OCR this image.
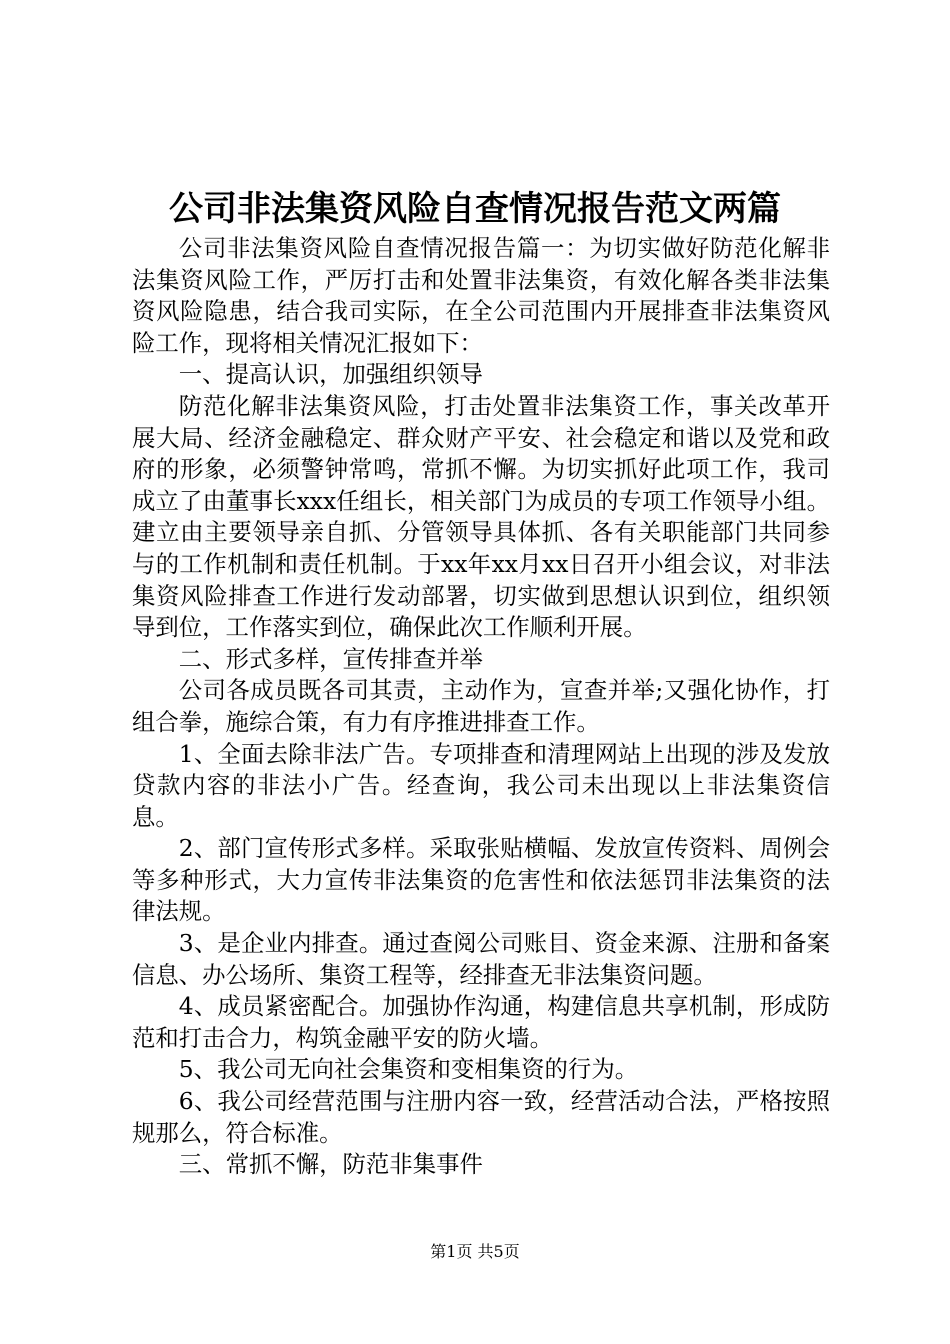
公司非法集资风险自查情况报告范文两篇

公司非法集资风险自查情况报告篇一：为切实做好防范化解非法集资风险工作，严厉打击和处置非法集资，有效化解各类非法集资风险隐患，结合我司实际，在全公司范围内开展排查非法集资风险工作，现将相关情况汇报如下：

一、提高认识，加强组织领导

防范化解非法集资风险，打击处置非法集资工作，事关改革开展大局、经济金融稳定、群众财产平安、社会稳定和谐以及党和政府的形象，必须警钟常鸣，常抓不懈。为切实抓好此项工作，我司成立了由董事长xxx任组长，相关部门为成员的专项工作领导小组。建立由主要领导亲自抓、分管领导具体抓、各有关职能部门共同参与的工作机制和责任机制。于xx年xx月xx日召开小组会议，对非法集资风险排查工作进行发动部署，切实做到思想认识到位，组织领导到位，工作落实到位，确保此次工作顺利开展。

二、形式多样，宣传排查并举

公司各成员既各司其责，主动作为，宣查并举;又强化协作，打组合拳，施综合策，有力有序推进排查工作。

1、全面去除非法广告。专项排查和清理网站上出现的涉及发放贷款内容的非法小广告。经查询，我公司未出现以上非法集资信息。

2、部门宣传形式多样。采取张贴横幅、发放宣传资料、周例会等多种形式，大力宣传非法集资的危害性和依法惩罚非法集资的法律法规。

3、是企业内排查。通过查阅公司账目、资金来源、注册和备案信息、办公场所、集资工程等，经排查无非法集资问题。

4、成员紧密配合。加强协作沟通，构建信息共享机制，形成防范和打击合力，构筑金融平安的防火墙。

5、我公司无向社会集资和变相集资的行为。

6、我公司经营范围与注册内容一致，经营活动合法，严格按照规那么，符合标准。

三、常抓不懈，防范非集事件

第1页 共5页
